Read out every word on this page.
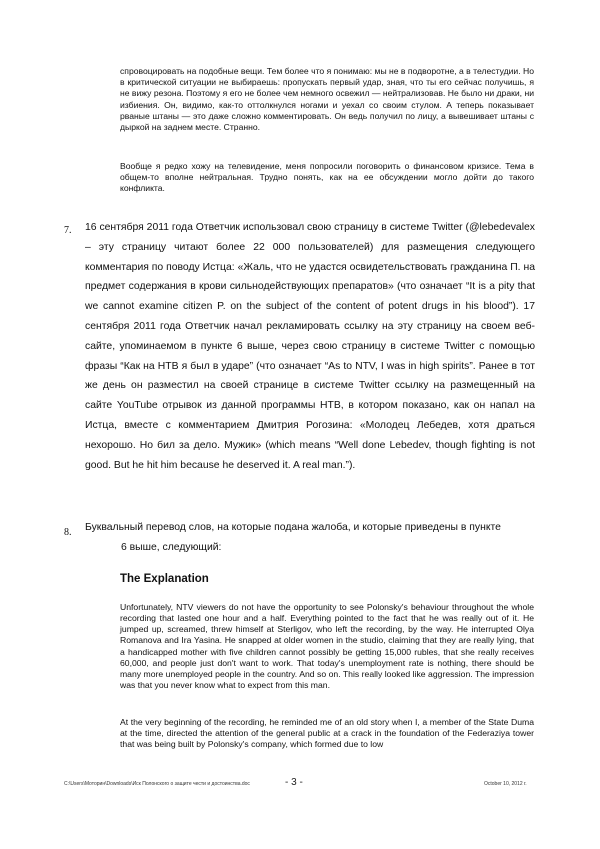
спровоцировать на подобные вещи. Тем более что я понимаю: мы не в подворотне, а в телестудии. Но в критической ситуации не выбираешь: пропускать первый удар, зная, что ты его сейчас получишь, я не вижу резона. Поэтому я его не более чем немного освежил — нейтрализовав. Не было ни драки, ни избиения. Он, видимо, как-то оттолкнулся ногами и уехал со своим стулом. А теперь показывает рваные штаны — это даже сложно комментировать. Он ведь получил по лицу, а вывешивает штаны с дыркой на заднем месте. Странно.

Вообще я редко хожу на телевидение, меня попросили поговорить о финансовом кризисе. Тема в общем-то вполне нейтральная. Трудно понять, как на ее обсуждении могло дойти до такого конфликта.

7. 16 сентября 2011 года Ответчик использовал свою страницу в системе Twitter (@lebedevalex – эту страницу читают более 22 000 пользователей) для размещения следующего комментария по поводу Истца: «Жаль, что не удастся освидетельствовать гражданина П. на предмет содержания в крови сильнодействующих препаратов» (что означает “It is a pity that we cannot examine citizen P. on the subject of the content of potent drugs in his blood”). 17 сентября 2011 года Ответчик начал рекламировать ссылку на эту страницу на своем веб-сайте, упоминаемом в пункте 6 выше, через свою страницу в системе Twitter с помощью фразы “Как на НТВ я был в ударе” (что означает “As to NTV, I was in high spirits”. Ранее в тот же день он разместил на своей странице в системе Twitter ссылку на размещенный на сайте YouTube отрывок из данной программы НТВ, в котором показано, как он напал на Истца, вместе с комментарием Дмитрия Рогозина: «Молодец Лебедев, хотя драться нехорошо. Но бил за дело. Мужик» (which means “Well done Lebedev, though fighting is not good. But he hit him because he deserved it. A real man.”).

8. Буквальный перевод слов, на которые подана жалоба, и которые приведены в пункте
6 выше, следующий:

The Explanation

Unfortunately, NTV viewers do not have the opportunity to see Polonsky's behaviour throughout the whole recording that lasted one hour and a half. Everything pointed to the fact that he was really out of it. He jumped up, screamed, threw himself at Sterligov, who left the recording, by the way. He interrupted Olya Romanova and Ira Yasina. He snapped at older women in the studio, claiming that they are really lying, that a handicapped mother with five children cannot possibly be getting 15,000 rubles, that she really receives 60,000, and people just don't want to work. That today's unemployment rate is nothing, there should be many more unemployed people in the country. And so on. This really looked like aggression. The impression was that you never know what to expect from this man.

At the very beginning of the recording, he reminded me of an old story when I, a member of the State Duma at the time, directed the attention of the general public at a crack in the foundation of the Federaziya tower that was being built by Polonsky's company, which formed due to low

C:\Users\Моторин\Downloads\Иск Полонского о защите чести и достоинства.doc	- 3 -	October 10, 2012 г.
